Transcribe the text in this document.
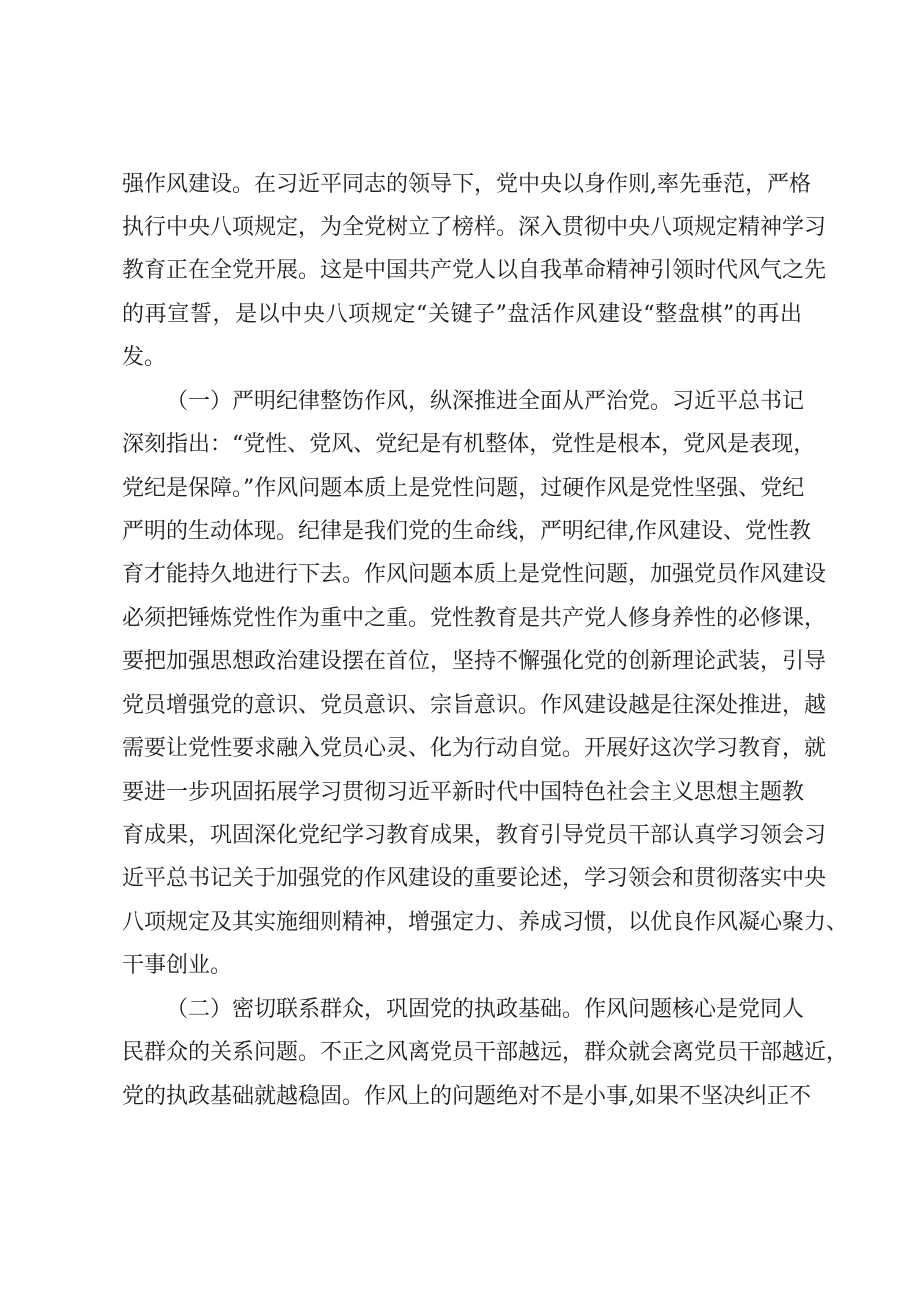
强作风建设。在习近平同志的领导下，党中央以身作则,率先垂范，严格
执行中央八项规定，为全党树立了榜样。深入贯彻中央八项规定精神学习
教育正在全党开展。这是中国共产党人以自我革命精神引领时代风气之先
的再宣誓，是以中央八项规定“关键子”盘活作风建设“整盘棋”的再出
发。
（一）严明纪律整饬作风，纵深推进全面从严治党。习近平总书记
深刻指出：“党性、党风、党纪是有机整体，党性是根本，党风是表现，
党纪是保障。”作风问题本质上是党性问题，过硬作风是党性坚强、党纪
严明的生动体现。纪律是我们党的生命线，严明纪律,作风建设、党性教
育才能持久地进行下去。作风问题本质上是党性问题，加强党员作风建设
必须把锤炼党性作为重中之重。党性教育是共产党人修身养性的必修课，
要把加强思想政治建设摆在首位，坚持不懈强化党的创新理论武装，引导
党员增强党的意识、党员意识、宗旨意识。作风建设越是往深处推进，越
需要让党性要求融入党员心灵、化为行动自觉。开展好这次学习教育，就
要进一步巩固拓展学习贯彻习近平新时代中国特色社会主义思想主题教
育成果，巩固深化党纪学习教育成果，教育引导党员干部认真学习领会习
近平总书记关于加强党的作风建设的重要论述，学习领会和贯彻落实中央
八项规定及其实施细则精神，增强定力、养成习惯，以优良作风凝心聚力、
干事创业。
（二）密切联系群众，巩固党的执政基础。作风问题核心是党同人
民群众的关系问题。不正之风离党员干部越远，群众就会离党员干部越近，
党的执政基础就越稳固。作风上的问题绝对不是小事,如果不坚决纠正不
